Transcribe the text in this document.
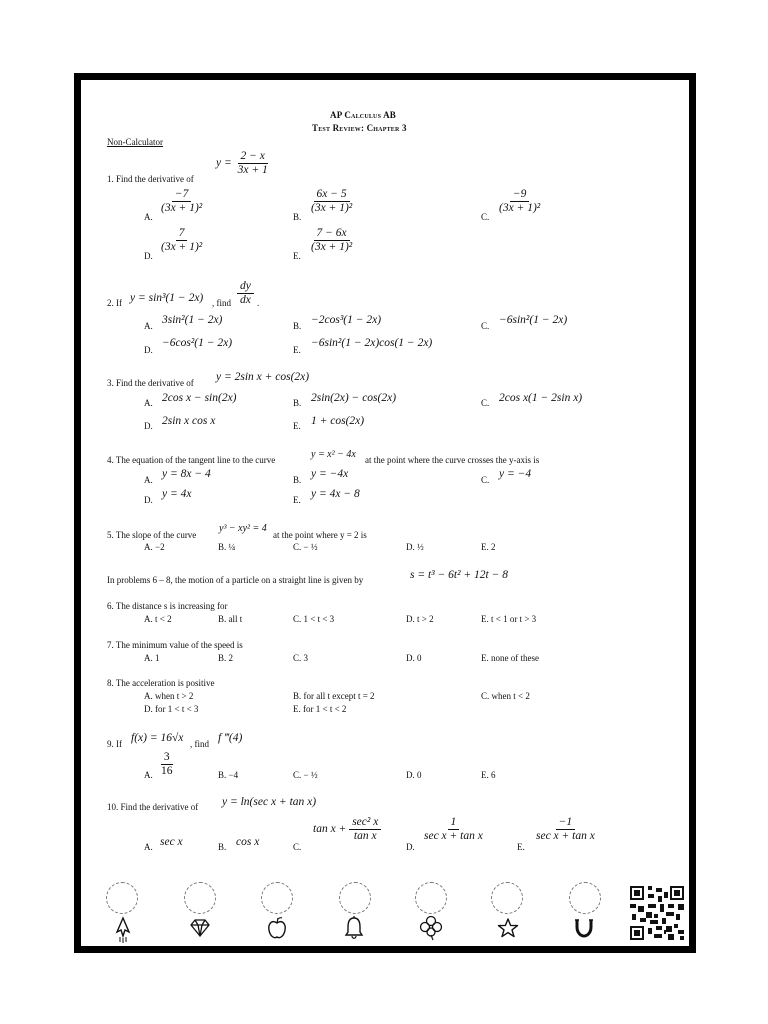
AP Calculus AB
Test Review: Chapter 3
Non-Calculator
1. Find the derivative of
$y = \frac{2 - x}{3x + 1}$
A.
$\frac{-7}{\text{(3x + 1)²}}$
B.
$\frac{6x - 5}{\text{(3x + 1)²}}$
C.
$\frac{-9}{\text{(3x + 1)²}}$
D.
$\frac{7}{\text{(3x + 1)²}}$
E.
$\frac{7 - 6x}{\text{(3x + 1)²}}$
2. If y = sin³(1 − 2x) , find $\frac{dy}{dx}$ .
A. 3sin²(1 − 2x)	B. −2cos³(1 − 2x)	C. −6sin²(1 − 2x)
D.
−6cos²(1 − 2x)
E.
−6sin²(1 − 2x)cos(1 − 2x)
3. Find the derivative of y = 2sin x + cos(2x)
A. 2cos x − sin(2x)	B. 2sin(2x) − cos(2x)	C. 2cos x(1 − 2sin x)
D. 2sin x cos x	E. 1 + cos(2x)
4. The equation of the tangent line to the curve	y = x² − 4x at the point where the curve crosses the y-axis is
A. y = 8x − 4	B. y = −4x	C. y = −4
D. y = 4x	E. y = 4x − 8
5. The slope of the curve
y³ − xy² = 4
at the point where y = 2 is
A. −2	B. ¼	C. − ½	D. ½	E. 2
In problems 6 – 8, the motion of a particle on a straight line is given by	s = t³ − 6t² + 12t − 8
6. The distance s is increasing for
A. t < 2	B. all t	C. 1 < t < 3	D. t > 2	E. t < 1 or t > 3
7. The minimum value of the speed is
A. 1	B. 2	C. 3	D. 0	E. none of these
8. The acceleration is positive
A. when t > 2	B. for all t except t = 2	C. when t < 2
D. for 1 < t < 3	E. for 1 < t < 2
9. If f(x) = 16√x , find f ‴(4)
A. $\frac{3}{16}$	B. −4	C. − ½	D. 0	E. 6
10. Find the derivative of y = ln(sec x + tan x)
A. sec x	B. cos x	C.
$\tan x + \frac{\text{sec² x}}{\text{tan x}}$
D.
$\frac{1}{\text{sec x + tan x}}$
E.
$\frac{-1}{\text{sec x + tan x}}$
